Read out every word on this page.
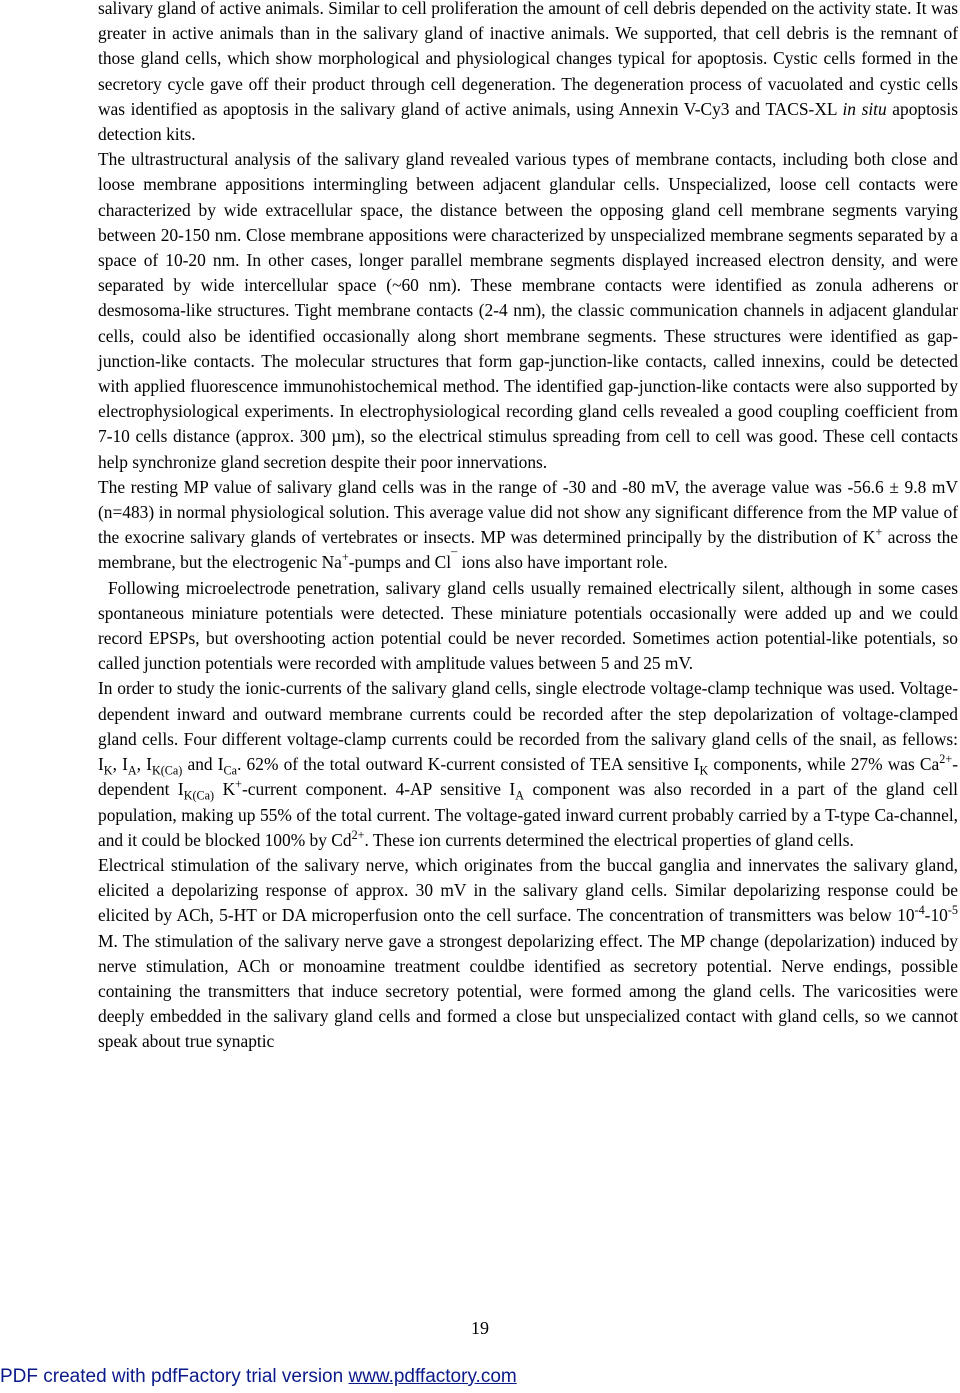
salivary gland of active animals. Similar to cell proliferation the amount of cell debris depended on the activity state. It was greater in active animals than in the salivary gland of inactive animals. We supported, that cell debris is the remnant of those gland cells, which show morphological and physiological changes typical for apoptosis. Cystic cells formed in the secretory cycle gave off their product through cell degeneration. The degeneration process of vacuolated and cystic cells was identified as apoptosis in the salivary gland of active animals, using Annexin V-Cy3 and TACS-XL in situ apoptosis detection kits.

The ultrastructural analysis of the salivary gland revealed various types of membrane contacts, including both close and loose membrane appositions intermingling between adjacent glandular cells. Unspecialized, loose cell contacts were characterized by wide extracellular space, the distance between the opposing gland cell membrane segments varying between 20-150 nm. Close membrane appositions were characterized by unspecialized membrane segments separated by a space of 10-20 nm. In other cases, longer parallel membrane segments displayed increased electron density, and were separated by wide intercellular space (~60 nm). These membrane contacts were identified as zonula adherens or desmosoma-like structures. Tight membrane contacts (2-4 nm), the classic communication channels in adjacent glandular cells, could also be identified occasionally along short membrane segments. These structures were identified as gap-junction-like contacts. The molecular structures that form gap-junction-like contacts, called innexins, could be detected with applied fluorescence immunohistochemical method. The identified gap-junction-like contacts were also supported by electrophysiological experiments. In electrophysiological recording gland cells revealed a good coupling coefficient from 7-10 cells distance (approx. 300 µm), so the electrical stimulus spreading from cell to cell was good. These cell contacts help synchronize gland secretion despite their poor innervations.

The resting MP value of salivary gland cells was in the range of -30 and -80 mV, the average value was -56.6 ± 9.8 mV (n=483) in normal physiological solution. This average value did not show any significant difference from the MP value of the exocrine salivary glands of vertebrates or insects. MP was determined principally by the distribution of K+ across the membrane, but the electrogenic Na+-pumps and Cl¯ ions also have important role.

Following microelectrode penetration, salivary gland cells usually remained electrically silent, although in some cases spontaneous miniature potentials were detected. These miniature potentials occasionally were added up and we could record EPSPs, but overshooting action potential could be never recorded. Sometimes action potential-like potentials, so called junction potentials were recorded with amplitude values between 5 and 25 mV.

In order to study the ionic-currents of the salivary gland cells, single electrode voltage-clamp technique was used. Voltage-dependent inward and outward membrane currents could be recorded after the step depolarization of voltage-clamped gland cells. Four different voltage-clamp currents could be recorded from the salivary gland cells of the snail, as fellows: $I_K$, $I_A$, $I_{K(Ca)}$ and $I_{Ca}$. 62% of the total outward K-current consisted of TEA sensitive $I_K$ components, while 27% was $Ca^{2+}$-dependent $I_{K(Ca)}$ K+-current component. 4-AP sensitive $I_A$ component was also recorded in a part of the gland cell population, making up 55% of the total current. The voltage-gated inward current probably carried by a T-type Ca-channel, and it could be blocked 100% by $Cd^{2+}$. These ion currents determined the electrical properties of gland cells.

Electrical stimulation of the salivary nerve, which originates from the buccal ganglia and innervates the salivary gland, elicited a depolarizing response of approx. 30 mV in the salivary gland cells. Similar depolarizing response could be elicited by ACh, 5-HT or DA microperfusion onto the cell surface. The concentration of transmitters was below $10^{-4}-10^{-5}$ M. The stimulation of the salivary nerve gave a strongest depolarizing effect. The MP change (depolarization) induced by nerve stimulation, ACh or monoamine treatment couldbe identified as secretory potential. Nerve endings, possible containing the transmitters that induce secretory potential, were formed among the gland cells. The varicosities were deeply embedded in the salivary gland cells and formed a close but unspecialized contact with gland cells, so we cannot speak about true synaptic

19
PDF created with pdfFactory trial version www.pdffactory.com
